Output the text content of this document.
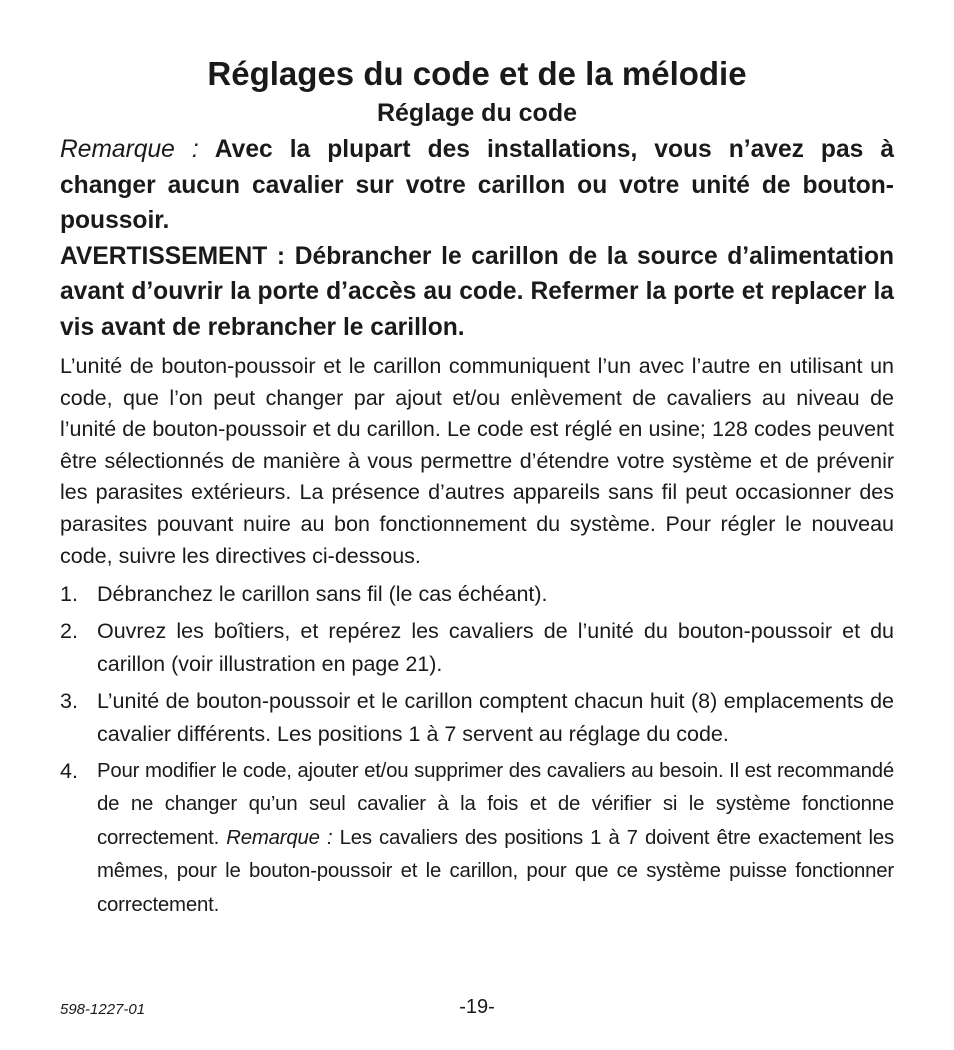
Réglages du code et de la mélodie
Réglage du code

Remarque : Avec la plupart des installations, vous n’avez pas à changer aucun cavalier sur votre carillon ou votre unité de bouton-poussoir.

AVERTISSEMENT : Débrancher le carillon de la source d’alimentation avant d’ouvrir la porte d’accès au code. Refermer la porte et replacer la vis avant de rebrancher le carillon.

L’unité de bouton-poussoir et le carillon communiquent l’un avec l’autre en utilisant un code, que l’on peut changer par ajout et/ou enlèvement de cavaliers au niveau de l’unité de bouton-poussoir et du carillon. Le code est réglé en usine; 128 codes peuvent être sélectionnés de manière à vous permettre d’étendre votre système et de prévenir les parasites extérieurs. La présence d’autres appareils sans fil peut occasionner des parasites pouvant nuire au bon fonctionnement du système. Pour régler le nouveau code, suivre les directives ci-dessous.

1. Débranchez le carillon sans fil (le cas échéant).
2. Ouvrez les boîtiers, et repérez les cavaliers de l’unité du bouton-poussoir et du carillon (voir illustration en page 21).
3. L’unité de bouton-poussoir et le carillon comptent chacun huit (8) emplacements de cavalier différents. Les positions 1 à 7 servent au réglage du code.
4. Pour modifier le code, ajouter et/ou supprimer des cavaliers au besoin. Il est recommandé de ne changer qu’un seul cavalier à la fois et de vérifier si le système fonctionne correctement. Remarque : Les cavaliers des positions 1 à 7 doivent être exactement les mêmes, pour le bouton-poussoir et le carillon, pour que ce système puisse fonctionner correctement.
598-1227-01	-19-
